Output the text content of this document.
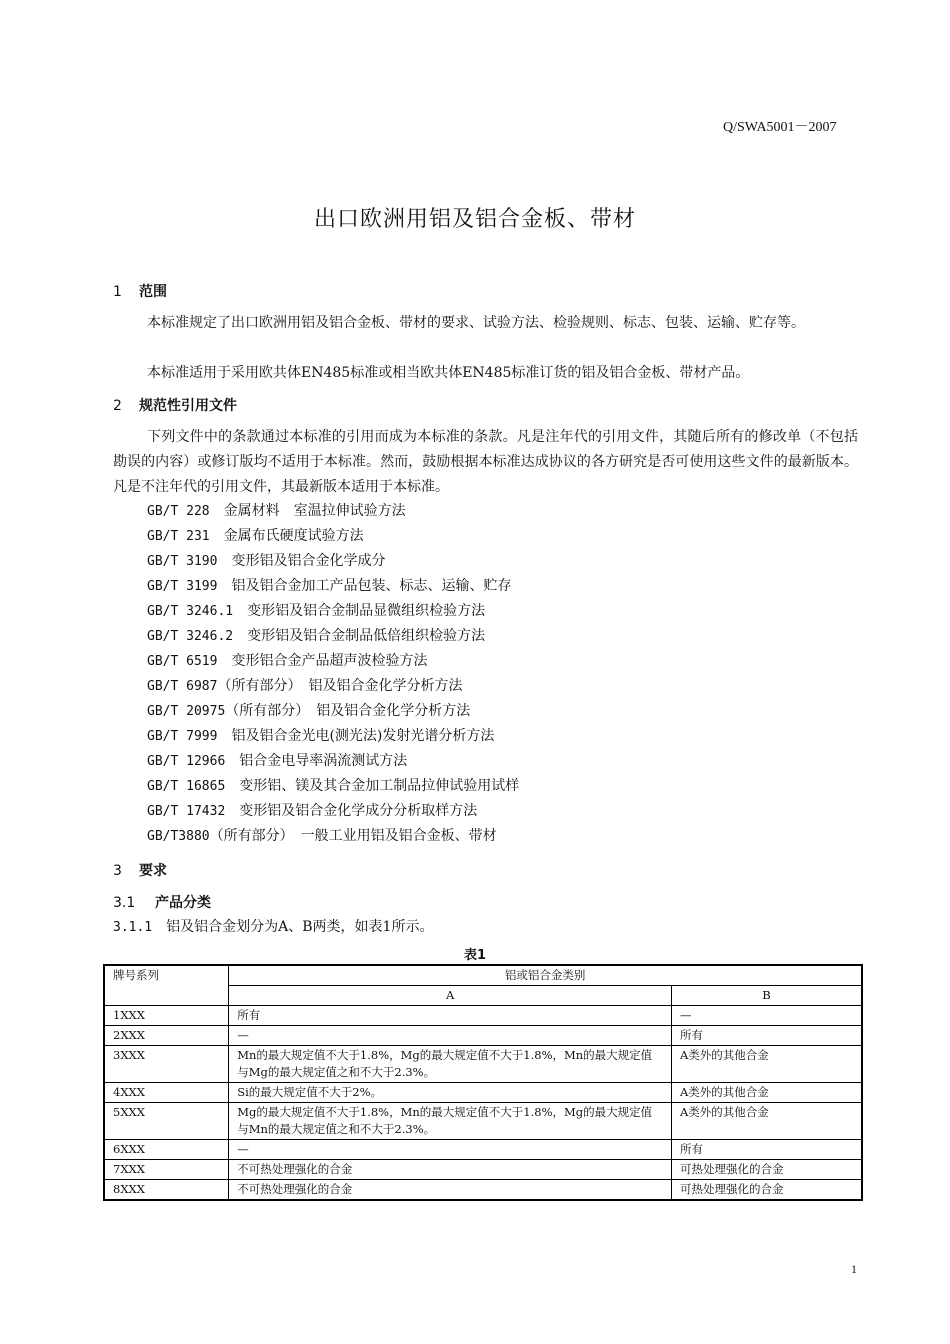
Q/SWA5001－2007
出口欧洲用铝及铝合金板、带材
1 范围
本标准规定了出口欧洲用铝及铝合金板、带材的要求、试验方法、检验规则、标志、包装、运输、贮存等。
本标准适用于采用欧共体EN485标准或相当欧共体EN485标准订货的铝及铝合金板、带材产品。
2 规范性引用文件
下列文件中的条款通过本标准的引用而成为本标准的条款。凡是注年代的引用文件，其随后所有的修改单（不包括勘误的内容）或修订版均不适用于本标准。然而，鼓励根据本标准达成协议的各方研究是否可使用这些文件的最新版本。凡是不注年代的引用文件，其最新版本适用于本标准。
GB/T 228　 金属材料　室温拉伸试验方法
GB/T 231　 金属布氏硬度试验方法
GB/T 3190　 变形铝及铝合金化学成分
GB/T 3199　 铝及铝合金加工产品包装、标志、运输、贮存
GB/T 3246.1　 变形铝及铝合金制品显微组织检验方法
GB/T 3246.2　 变形铝及铝合金制品低倍组织检验方法
GB/T 6519　 变形铝合金产品超声波检验方法
GB/T 6987（所有部分）　铝及铝合金化学分析方法
GB/T 20975（所有部分）　铝及铝合金化学分析方法
GB/T 7999　 铝及铝合金光电(测光法)发射光谱分析方法
GB/T 12966　 铝合金电导率涡流测试方法
GB/T 16865　 变形铝、镁及其合金加工制品拉伸试验用试样
GB/T 17432　 变形铝及铝合金化学成分分析取样方法
GB/T3880（所有部分）　一般工业用铝及铝合金板、带材
3 要求
3.1 产品分类
3.1.1　 铝及铝合金划分为A、B两类，如表1所示。
表1
牌号系列	铝或铝合金类别	
	A	B
1XXX	所有	—
2XXX	—	所有
3XXX	Mn的最大规定值不大于1.8%，Mg的最大规定值不大于1.8%，Mn的最大规定值与Mg的最大规定值之和不大于2.3%。	A类外的其他合金
4XXX	Si的最大规定值不大于2%。	A类外的其他合金
5XXX	Mg的最大规定值不大于1.8%，Mn的最大规定值不大于1.8%，Mg的最大规定值与Mn的最大规定值之和不大于2.3%。	A类外的其他合金
6XXX	—	所有
7XXX	不可热处理强化的合金	可热处理强化的合金
8XXX	不可热处理强化的合金	可热处理强化的合金
1
